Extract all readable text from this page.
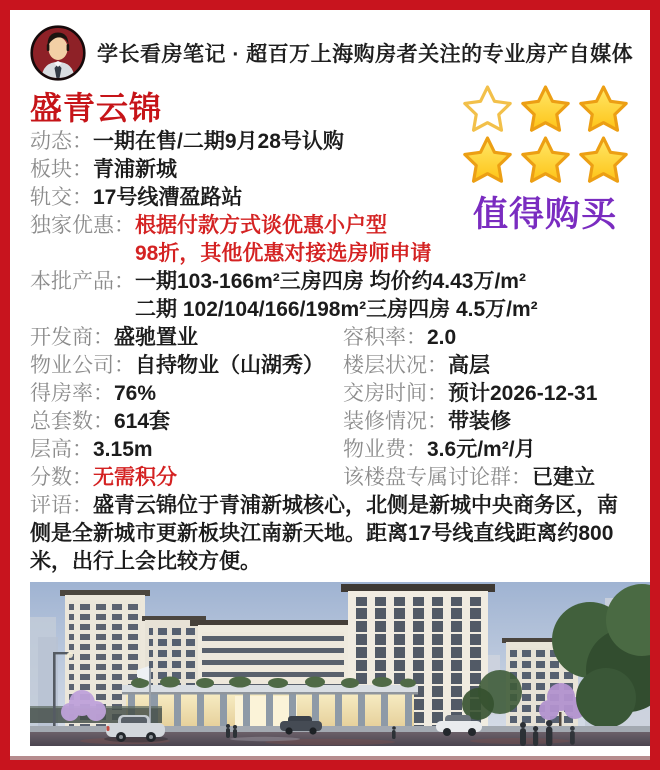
学长看房笔记 · 超百万上海购房者关注的专业房产自媒体
值得购买
盛青云锦
动态： 一期在售/二期9月28号认购
板块： 青浦新城
轨交： 17号线漕盈路站
独家优惠： 根据付款方式谈优惠小户型
98折，其他优惠对接选房师申请
本批产品： 一期103-166m²三房四房 均价约4.43万/m²
二期 102/104/166/198m²三房四房 4.5万/m²
开发商： 盛驰置业	容积率： 2.0
物业公司： 自持物业（山湖秀） 楼层状况： 高层
得房率： 76%	交房时间： 预计2026-12-31
总套数： 614套	装修情况： 带装修
层高： 3.15m	物业费： 3.6元/m²/月
分数： 无需积分	该楼盘专属讨论群： 已建立

评语：盛青云锦位于青浦新城核心，北侧是新城中央商务区，南侧是全新城市更新板块江南新天地。距离17号线直线距离约800米，出行上会比较方便。
